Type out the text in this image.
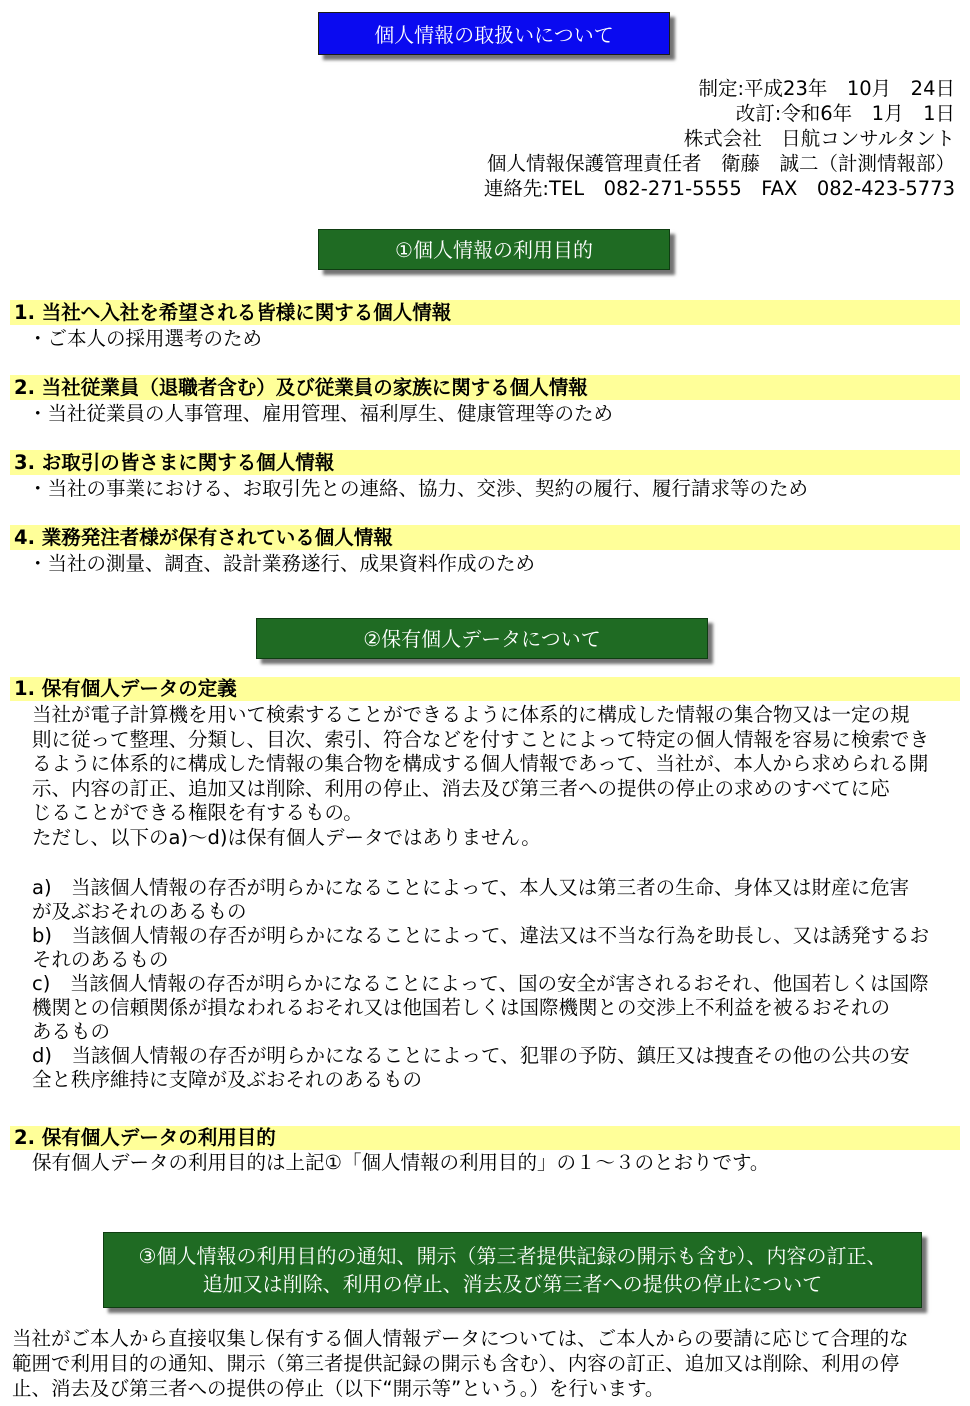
個人情報の取扱いについて
制定:平成23年　10月　24日
改訂:令和6年　1月　1日
株式会社　日航コンサルタント
個人情報保護管理責任者　衛藤　誠二（計測情報部）
連絡先:TEL　082-271-5555　FAX　082-423-5773
①個人情報の利用目的
1. 当社へ入社を希望される皆様に関する個人情報
・ご本人の採用選考のため
2. 当社従業員（退職者含む）及び従業員の家族に関する個人情報
・当社従業員の人事管理、雇用管理、福利厚生、健康管理等のため
3. お取引の皆さまに関する個人情報
・当社の事業における、お取引先との連絡、協力、交渉、契約の履行、履行請求等のため
4. 業務発注者様が保有されている個人情報
・当社の測量、調査、設計業務遂行、成果資料作成のため
②保有個人データについて
1. 保有個人データの定義
当社が電子計算機を用いて検索することができるように体系的に構成した情報の集合物又は一定の規
則に従って整理、分類し、目次、索引、符合などを付すことによって特定の個人情報を容易に検索でき
るように体系的に構成した情報の集合物を構成する個人情報であって、当社が、本人から求められる開
示、内容の訂正、追加又は削除、利用の停止、消去及び第三者への提供の停止の求めのすべてに応
じることができる権限を有するもの。
ただし、以下のa)～d)は保有個人データではありません。
a)　当該個人情報の存否が明らかになることによって、本人又は第三者の生命、身体又は財産に危害
が及ぶおそれのあるもの
b)　当該個人情報の存否が明らかになることによって、違法又は不当な行為を助長し、又は誘発するお
それのあるもの
c)　当該個人情報の存否が明らかになることによって、国の安全が害されるおそれ、他国若しくは国際
機関との信頼関係が損なわれるおそれ又は他国若しくは国際機関との交渉上不利益を被るおそれの
あるもの
d)　当該個人情報の存否が明らかになることによって、犯罪の予防、鎮圧又は捜査その他の公共の安
全と秩序維持に支障が及ぶおそれのあるもの
2. 保有個人データの利用目的
保有個人データの利用目的は上記①「個人情報の利用目的」の１～３のとおりです。
③個人情報の利用目的の通知、開示（第三者提供記録の開示も含む）、内容の訂正、
追加又は削除、利用の停止、消去及び第三者への提供の停止について
当社がご本人から直接収集し保有する個人情報データについては、ご本人からの要請に応じて合理的な
範囲で利用目的の通知、開示（第三者提供記録の開示も含む）、内容の訂正、追加又は削除、利用の停
止、消去及び第三者への提供の停止（以下“開示等”という。）を行います。
